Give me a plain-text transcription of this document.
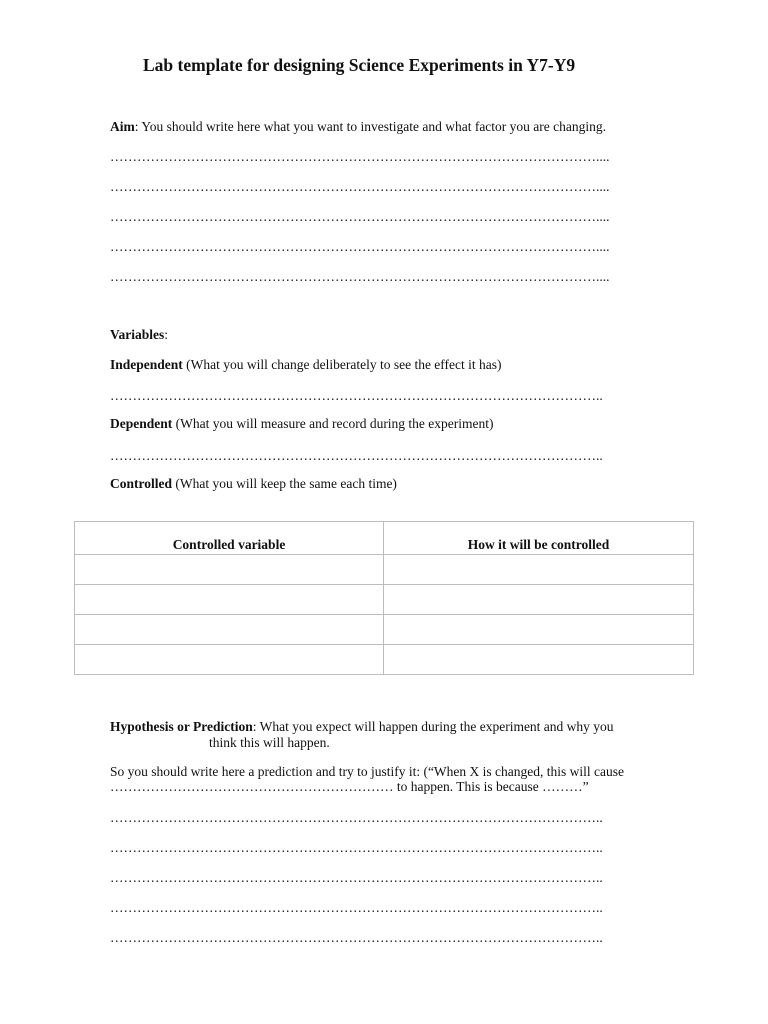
Lab template for designing Science Experiments in Y7-Y9
Aim: You should write here what you want to investigate and what factor you are changing.
………………………………………………………………………………………………....
………………………………………………………………………………………………....
………………………………………………………………………………………………....
………………………………………………………………………………………………....
………………………………………………………………………………………………....
Variables:
Independent (What you will change deliberately to see the effect it has)
………………………………………………………………………………………………..
Dependent (What you will measure and record during the experiment)
………………………………………………………………………………………………..
Controlled (What you will keep the same each time)
Controlled variable	How it will be controlled

Hypothesis or Prediction: What you expect will happen during the experiment and why you
think this will happen.
So you should write here a prediction and try to justify it: (“When X is changed, this will cause
……………………………………………………… to happen. This is because ………”
………………………………………………………………………………………………..
………………………………………………………………………………………………..
………………………………………………………………………………………………..
………………………………………………………………………………………………..
………………………………………………………………………………………………..
